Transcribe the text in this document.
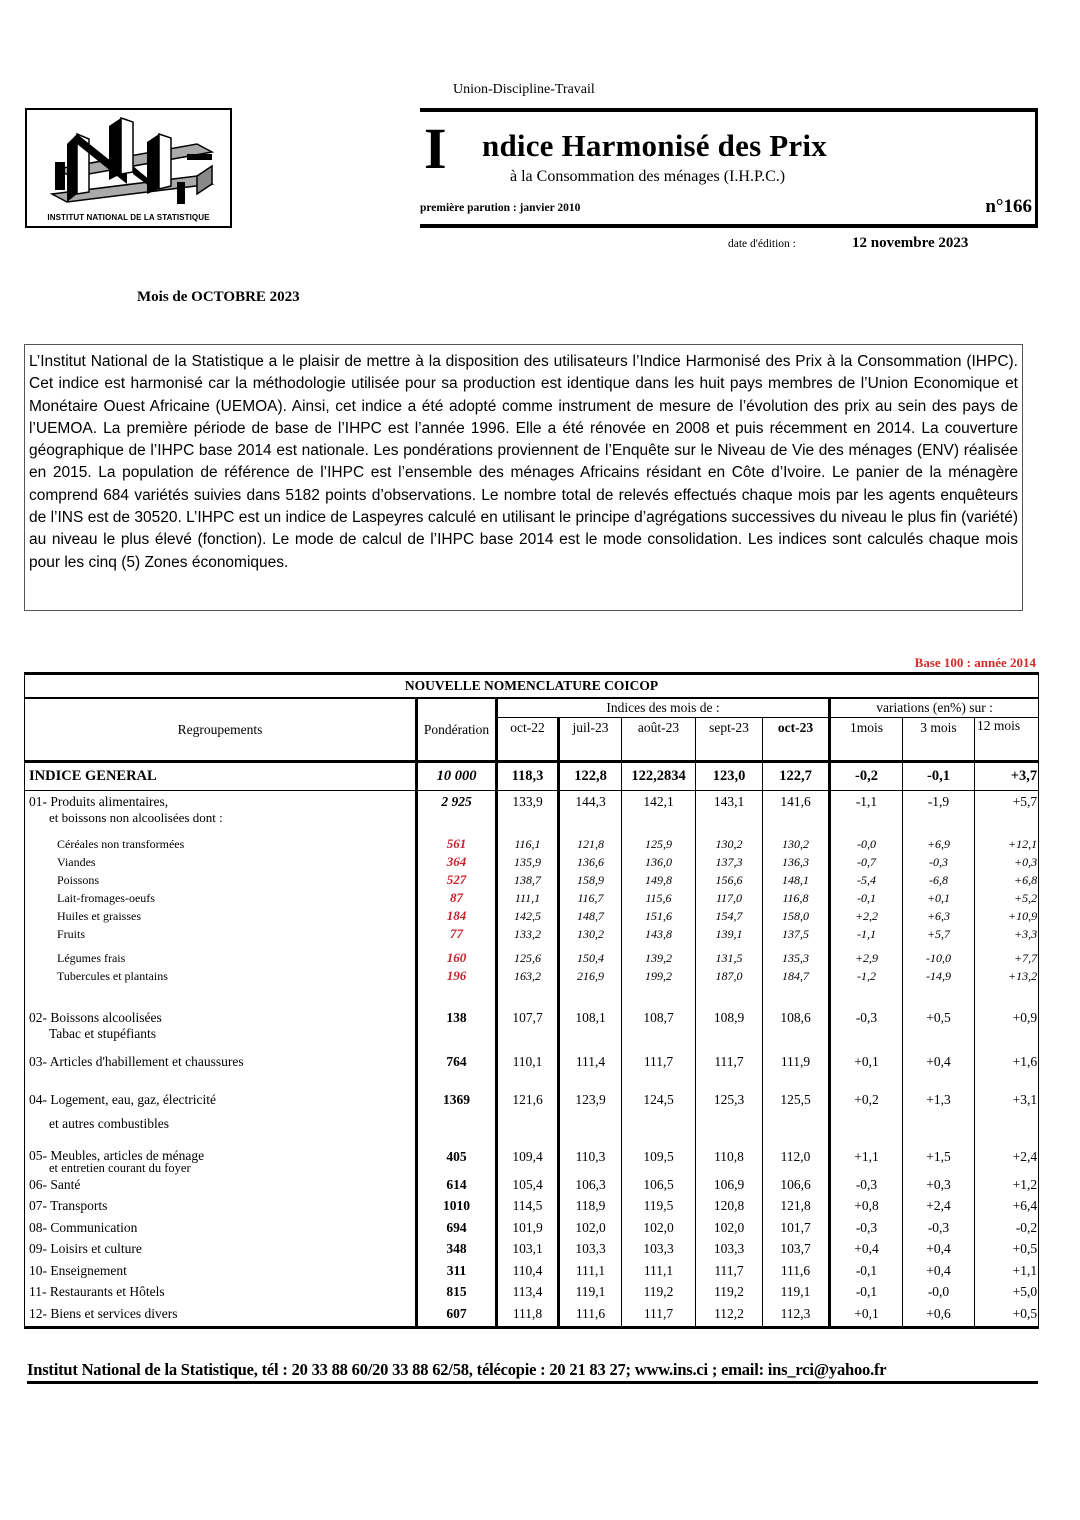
INSTITUT NATIONAL DE LA STATISTIQUE
Union-Discipline-Travail
I ndice Harmonisé des Prix
à la Consommation des ménages (I.H.P.C.)
première parution : janvier 2010	n°166
date d'édition :	12 novembre 2023
Mois de OCTOBRE 2023
L’Institut National de la Statistique a le plaisir de mettre à la disposition des utilisateurs l’Indice Harmonisé des Prix à la Consommation (IHPC). Cet indice est harmonisé car la méthodologie utilisée pour sa production est identique dans les huit pays membres de l’Union Economique et Monétaire Ouest Africaine (UEMOA). Ainsi, cet indice a été adopté comme instrument de mesure de l’évolution des prix au sein des pays de l’UEMOA. La première période de base de l’IHPC est l’année 1996. Elle a été rénovée en 2008 et puis récemment en 2014. La couverture géographique de l’IHPC base 2014 est nationale. Les pondérations proviennent de l’Enquête sur le Niveau de Vie des ménages (ENV) réalisée en 2015. La population de référence de l’IHPC est l’ensemble des ménages Africains résidant en Côte d’Ivoire. Le panier de la ménagère comprend 684 variétés suivies dans 5182 points d’observations. Le nombre total de relevés effectués chaque mois par les agents enquêteurs de l’INS est de 30520. L’IHPC est un indice de Laspeyres calculé en utilisant le principe d’agrégations successives du niveau le plus fin (variété) au niveau le plus élevé (fonction). Le mode de calcul de l’IHPC base 2014 est le mode consolidation. Les indices sont calculés chaque mois pour les cinq (5) Zones économiques.
Base 100 : année 2014
NOUVELLE NOMENCLATURE COICOP									
Regroupements	Pondération	Indices des mois de :					variations (en%) sur :		
		oct-22	juil-23	août-23	sept-23	oct-23	1mois	3 mois	12 mois
INDICE GENERAL	10 000	118,3	122,8	122,2834	123,0	122,7	-0,2	-0,1	+3,7

01- Produits alimentaires,
et boissons non alcoolisées dont :	2 925	133,9	144,3	142,1	143,1	141,6	-1,1	-1,9	+5,7
Céréales non transformées	561	116,1	121,8	125,9	130,2	130,2	-0,0	+6,9	+12,1
Viandes	364	135,9	136,6	136,0	137,3	136,3	-0,7	-0,3	+0,3
Poissons	527	138,7	158,9	149,8	156,6	148,1	-5,4	-6,8	+6,8
Lait-fromages-oeufs	87	111,1	116,7	115,6	117,0	116,8	-0,1	+0,1	+5,2
Huiles et graisses	184	142,5	148,7	151,6	154,7	158,0	+2,2	+6,3	+10,9
Fruits	77	133,2	130,2	143,8	139,1	137,5	-1,1	+5,7	+3,3
Légumes frais	160	125,6	150,4	139,2	131,5	135,3	+2,9	-10,0	+7,7
Tubercules et plantains	196	163,2	216,9	199,2	187,0	184,7	-1,2	-14,9	+13,2

02- Boissons alcoolisées
Tabac et stupéfiants	138	107,7	108,1	108,7	108,9	108,6	-0,3	+0,5	+0,9
03- Articles d'habillement et chaussures	764	110,1	111,4	111,7	111,7	111,9	+0,1	+0,4	+1,6

04- Logement, eau, gaz, électricité
et autres combustibles	1369	121,6	123,9	124,5	125,3	125,5	+0,2	+1,3	+3,1

05- Meubles, articles de ménage
et entretien courant du foyer	405	109,4	110,3	109,5	110,8	112,0	+1,1	+1,5	+2,4
06- Santé	614	105,4	106,3	106,5	106,9	106,6	-0,3	+0,3	+1,2
07- Transports	1010	114,5	118,9	119,5	120,8	121,8	+0,8	+2,4	+6,4
08- Communication	694	101,9	102,0	102,0	102,0	101,7	-0,3	-0,3	-0,2
09- Loisirs et culture	348	103,1	103,3	103,3	103,3	103,7	+0,4	+0,4	+0,5
10- Enseignement	311	110,4	111,1	111,1	111,7	111,6	-0,1	+0,4	+1,1
11- Restaurants et Hôtels	815	113,4	119,1	119,2	119,2	119,1	-0,1	-0,0	+5,0
12- Biens et services divers	607	111,8	111,6	111,7	112,2	112,3	+0,1	+0,6	+0,5
Institut National de la Statistique, tél : 20 33 88 60/20 33 88 62/58, télécopie : 20 21 83 27; www.ins.ci ; email: ins_rci@yahoo.fr
